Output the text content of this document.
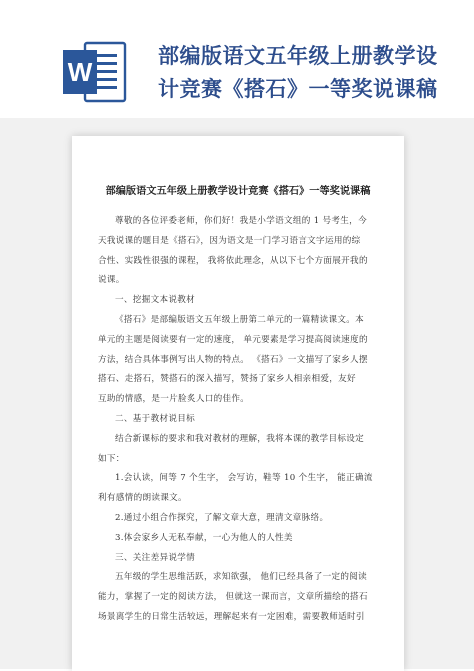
W
部编版语文五年级上册教学设
计竞赛《搭石》一等奖说课稿
部编版语文五年级上册教学设计竞赛《搭石》一等奖说课稿

尊敬的各位评委老师，你们好！我是小学语文组的 1 号考生，今

天我说课的题目是《搭石》，因为语文是一门学习语言文字运用的综

合性、实践性很强的课程， 我将依此理念，从以下七个方面展开我的

说课。

一、挖掘文本说教材

《搭石》是部编版语文五年级上册第二单元的一篇精读课文。本

单元的主题是阅读要有一定的速度， 单元要素是学习提高阅读速度的

方法，结合具体事例写出人物的特点。 《搭石》一文描写了家乡人摆

搭石、走搭石，赞搭石的深入描写，赞扬了家乡人相亲相爱，友好

互助的情感，是一片脸炙人口的佳作。

二、基于教材说目标

结合新课标的要求和我对教材的理解，我将本课的教学目标设定

如下：

1.会认读，间等 7 个生字， 会写访，鞋等 10 个生字， 能正确流

利有感情的朗读课文。

2.通过小组合作探究，了解文章大意，理清文章脉络。

3.体会家乡人无私奉献，一心为他人的人性美

三、关注差异说学情

五年级的学生思维活跃，求知欲强， 他们已经具备了一定的阅读

能力，掌握了一定的阅读方法， 但就这一课而言，文章所描绘的搭石

场景离学生的日常生活较远，理解起来有一定困难，需要教师适时引
